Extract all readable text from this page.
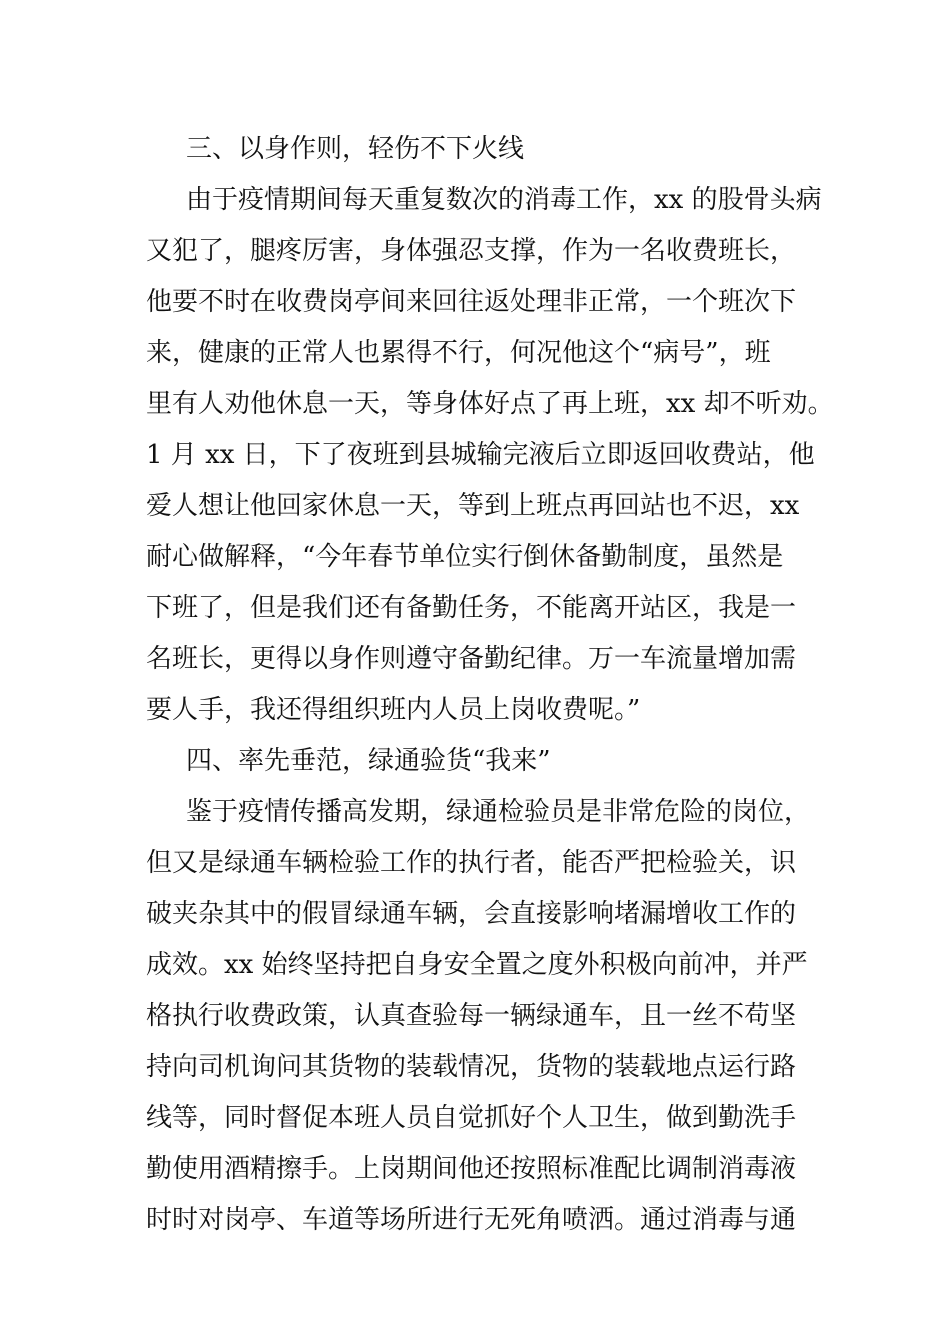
三、以身作则，轻伤不下火线
由于疫情期间每天重复数次的消毒工作，xx 的股骨头病
又犯了，腿疼厉害，身体强忍支撑，作为一名收费班长，
他要不时在收费岗亭间来回往返处理非正常，一个班次下
来，健康的正常人也累得不行，何况他这个“病号”，班
里有人劝他休息一天，等身体好点了再上班，xx 却不听劝。
1 月 xx 日，下了夜班到县城输完液后立即返回收费站，他
爱人想让他回家休息一天，等到上班点再回站也不迟，xx
耐心做解释，“今年春节单位实行倒休备勤制度，虽然是
下班了，但是我们还有备勤任务，不能离开站区，我是一
名班长，更得以身作则遵守备勤纪律。万一车流量增加需
要人手，我还得组织班内人员上岗收费呢。”
四、率先垂范，绿通验货“我来”
鉴于疫情传播高发期，绿通检验员是非常危险的岗位，
但又是绿通车辆检验工作的执行者，能否严把检验关，识
破夹杂其中的假冒绿通车辆，会直接影响堵漏增收工作的
成效。xx 始终坚持把自身安全置之度外积极向前冲，并严
格执行收费政策，认真查验每一辆绿通车，且一丝不苟坚
持向司机询问其货物的装载情况，货物的装载地点运行路
线等，同时督促本班人员自觉抓好个人卫生，做到勤洗手
勤使用酒精擦手。上岗期间他还按照标准配比调制消毒液
时时对岗亭、车道等场所进行无死角喷洒。通过消毒与通
